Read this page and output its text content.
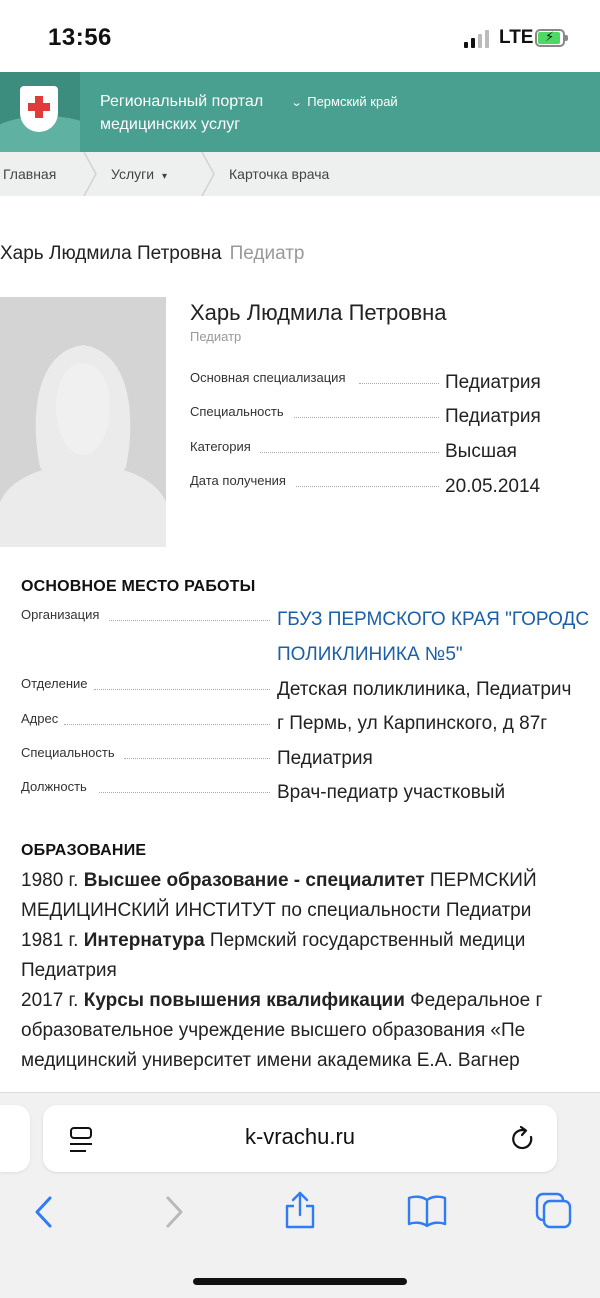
13:56	LTE ⚡
Региональный портал медицинских услуг
⌄ Пермский край
Главная	Услуги ▾	Карточка врача
Харь Людмила Петровна Педиатр
Харь Людмила Петровна
Педиатр
Основная специализация	Педиатрия
Специальность	Педиатрия
Категория	Высшая
Дата получения	20.05.2014
ОСНОВНОЕ МЕСТО РАБОТЫ
Организация	ГБУЗ ПЕРМСКОГО КРАЯ "ГОРОДС
ПОЛИКЛИНИКА №5"
Отделение	Детская поликлиника, Педиатрич
Адрес	г Пермь, ул Карпинского, д 87г
Специальность	Педиатрия
Должность	Врач-педиатр участковый
ОБРАЗОВАНИЕ
1980 г. Высшее образование - специалитет ПЕРМСКИЙ
МЕДИЦИНСКИЙ ИНСТИТУТ по специальности Педиатри
1981 г. Интернатура Пермский государственный медици
Педиатрия
2017 г. Курсы повышения квалификации Федеральное г
образовательное учреждение высшего образования «Пе
медицинский университет имени академика Е.А. Вагнер
k-vrachu.ru
